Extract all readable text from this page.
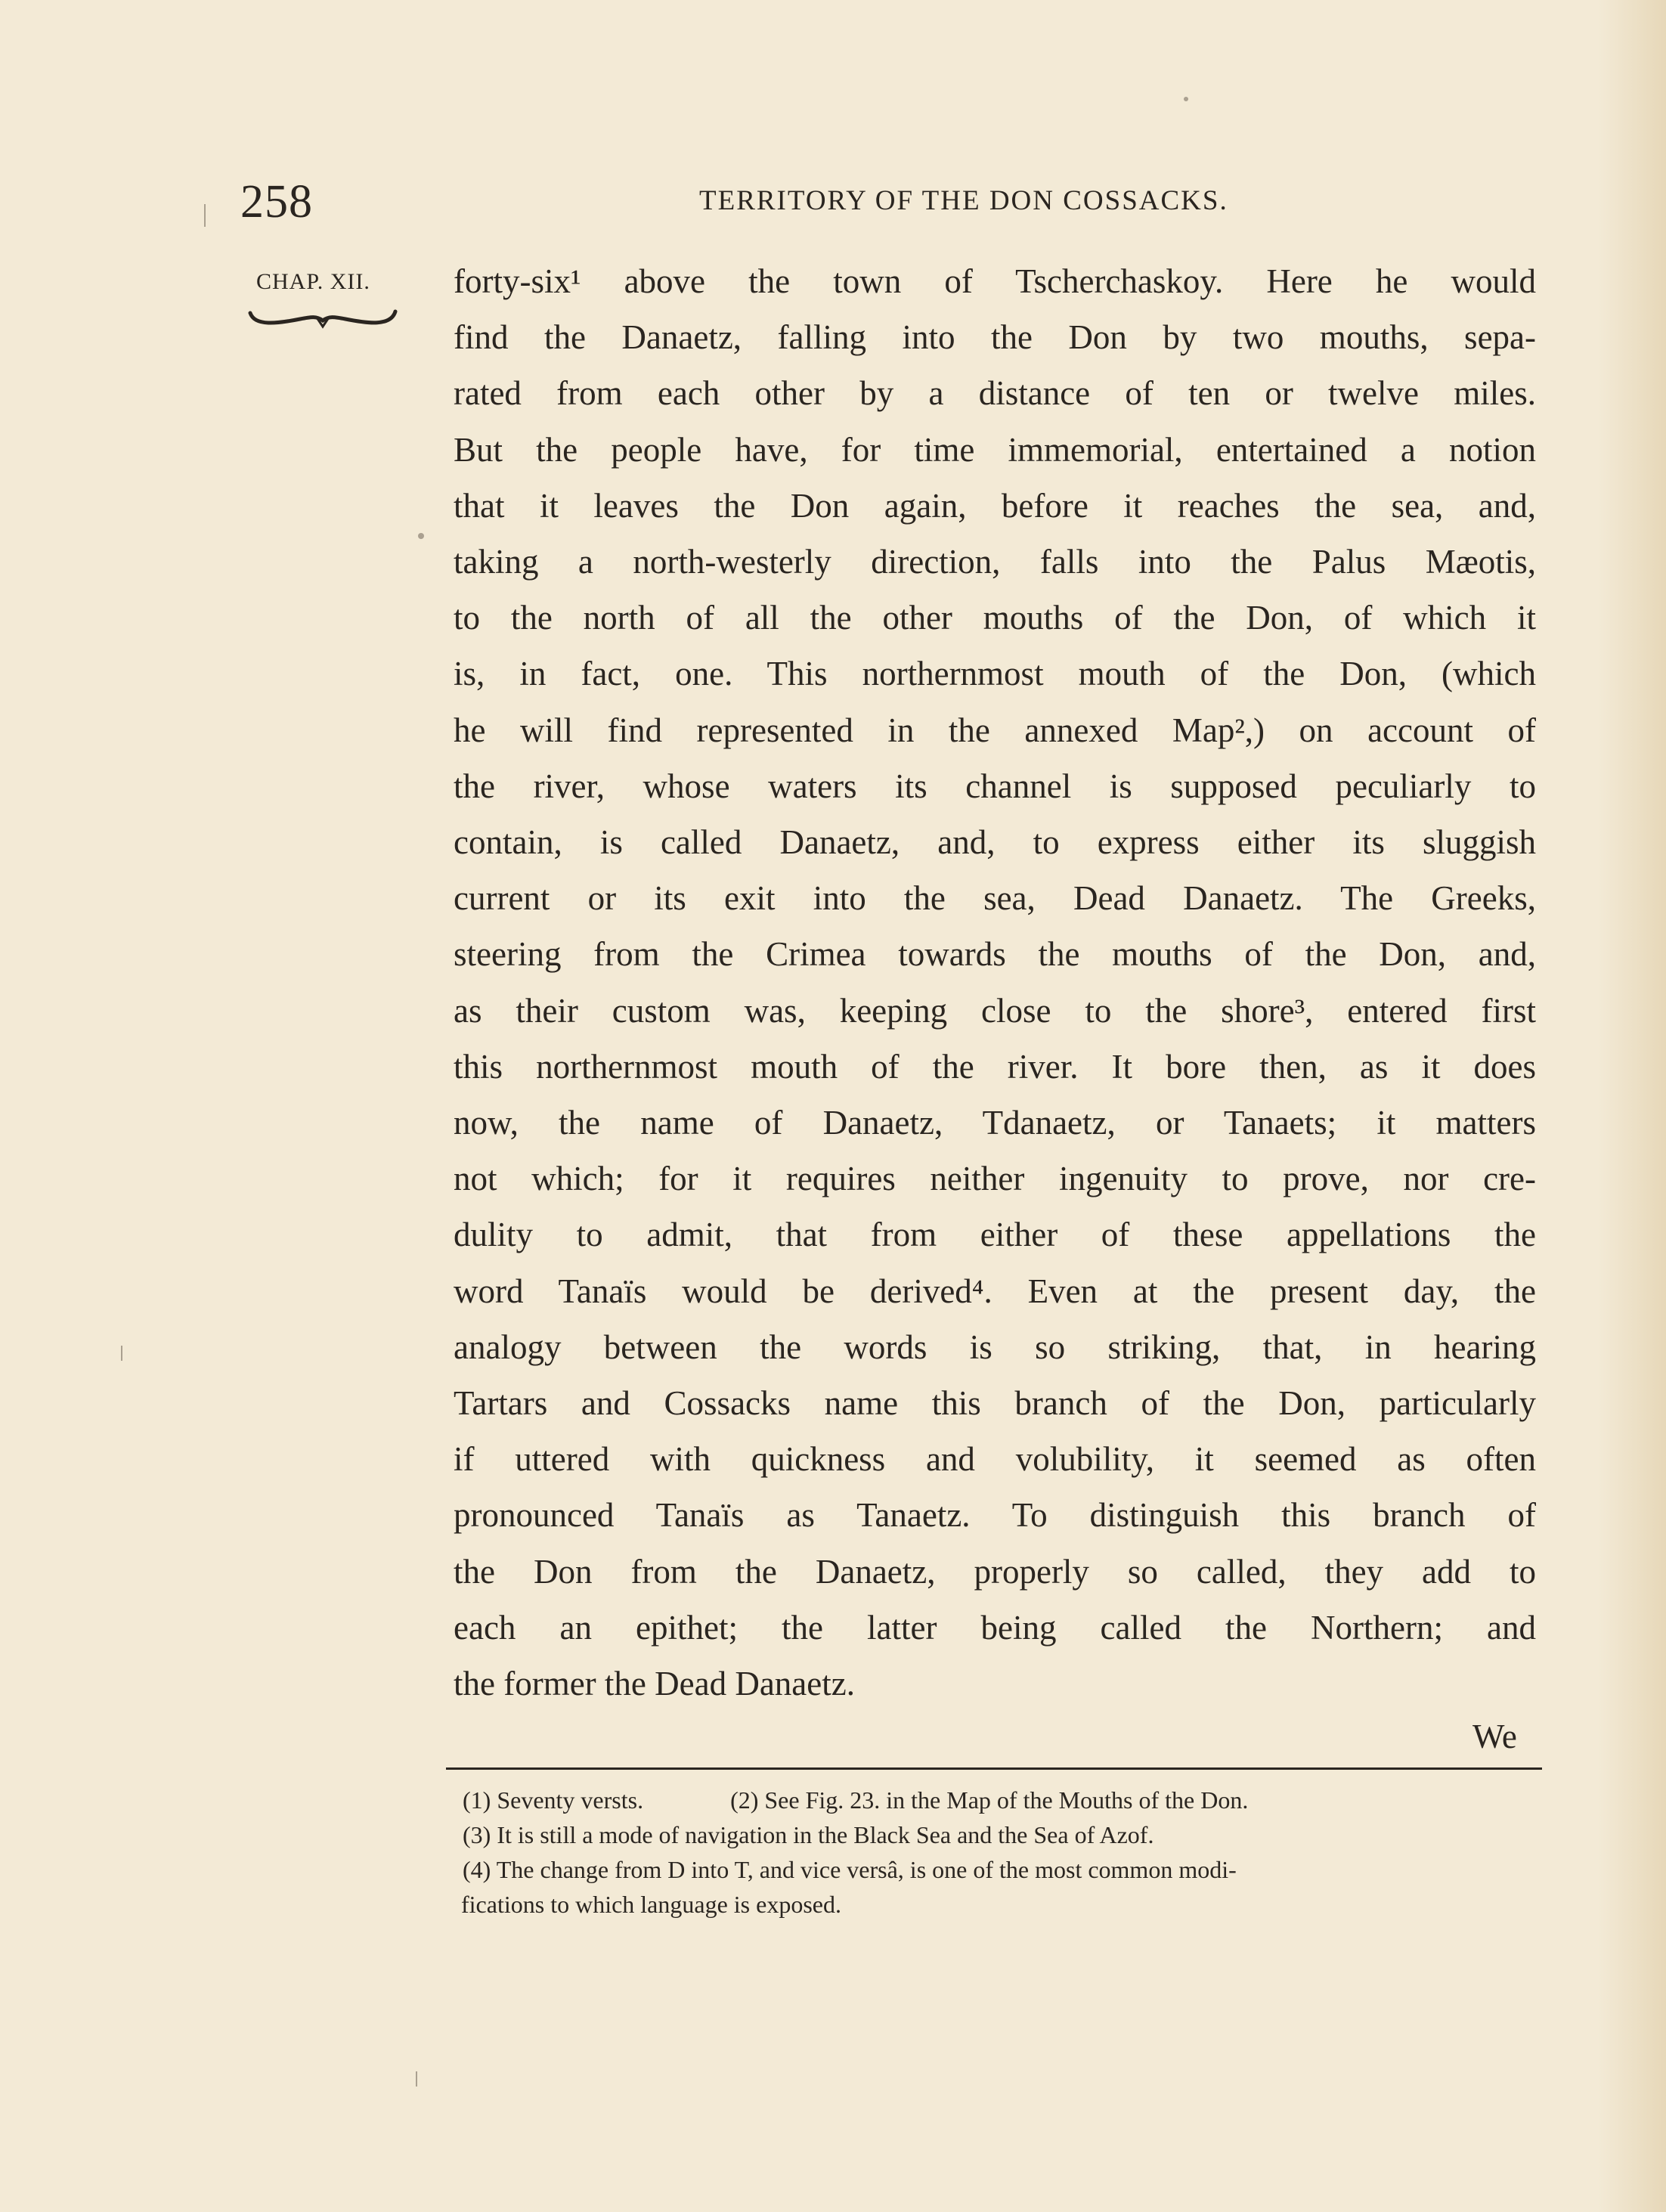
258	TERRITORY OF THE DON COSSACKS.
CHAP. XII. forty-six¹ above the town of Tscherchaskoy. Here he would
find the Danaetz, falling into the Don by two mouths, sepa-
rated from each other by a distance of ten or twelve miles.
But the people have, for time immemorial, entertained a notion
that it leaves the Don again, before it reaches the sea, and,
taking a north-westerly direction, falls into the Palus Mæotis,
to the north of all the other mouths of the Don, of which it
is, in fact, one. This northernmost mouth of the Don, (which
he will find represented in the annexed Map²,) on account of
the river, whose waters its channel is supposed peculiarly to
contain, is called Danaetz, and, to express either its sluggish
current or its exit into the sea, Dead Danaetz. The Greeks,
steering from the Crimea towards the mouths of the Don, and,
as their custom was, keeping close to the shore³, entered first
this northernmost mouth of the river. It bore then, as it does
now, the name of Danaetz, Tdanaetz, or Tanaets; it matters
not which; for it requires neither ingenuity to prove, nor cre-
dulity to admit, that from either of these appellations the
word Tanaïs would be derived⁴. Even at the present day, the
analogy between the words is so striking, that, in hearing
Tartars and Cossacks name this branch of the Don, particularly
if uttered with quickness and volubility, it seemed as often
pronounced Tanaïs as Tanaetz. To distinguish this branch of
the Don from the Danaetz, properly so called, they add to
each an epithet; the latter being called the Northern; and
the former the Dead Danaetz.
We
(1) Seventy versts.	(2) See Fig. 23. in the Map of the Mouths of the Don.
(3) It is still a mode of navigation in the Black Sea and the Sea of Azof.
(4) The change from D into T, and vice versâ, is one of the most common modi-
fications to which language is exposed.
